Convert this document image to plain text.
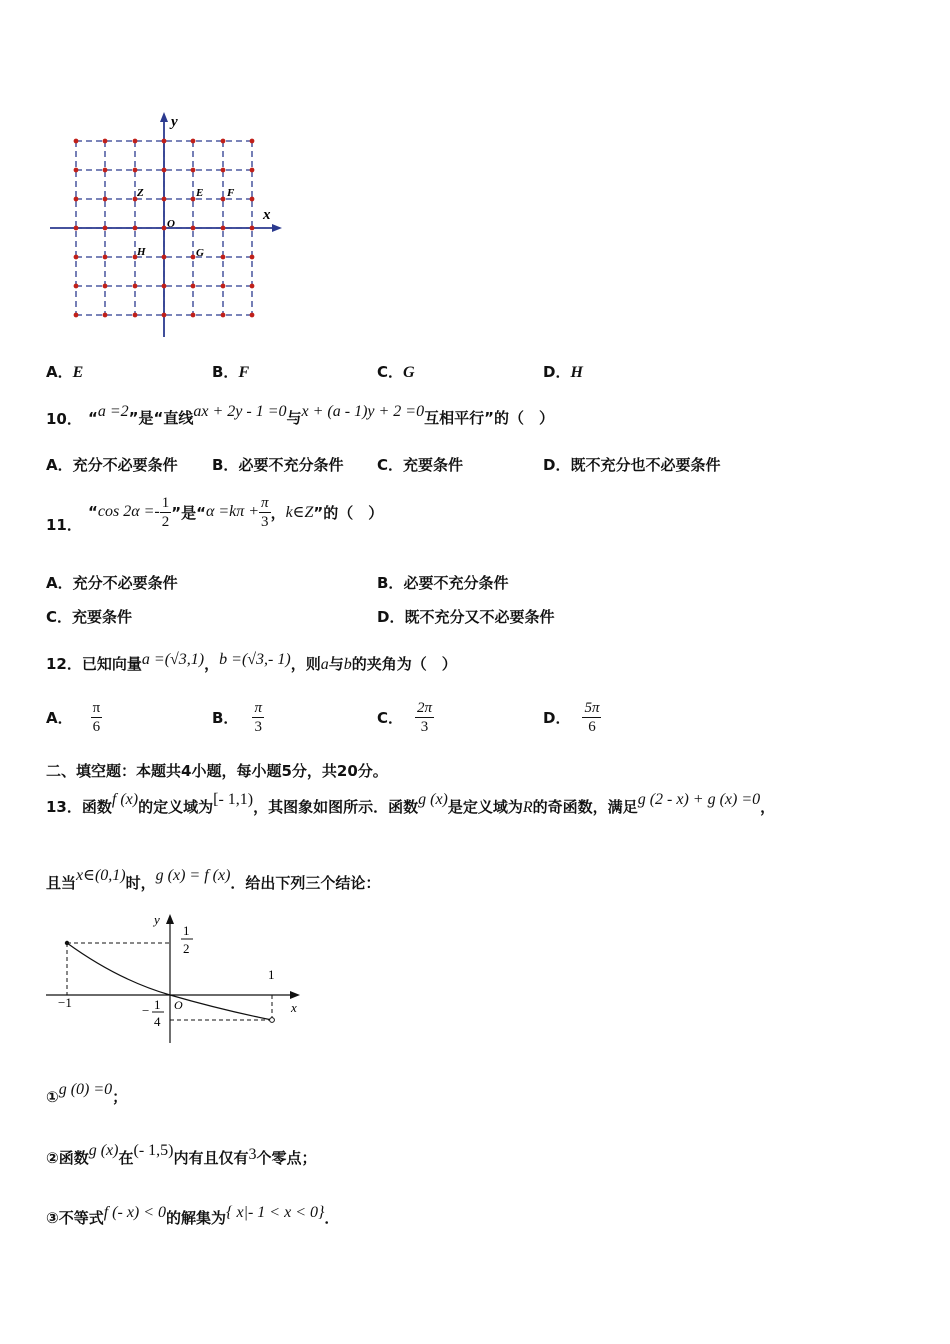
y
x
O
Z	E F
H	G
A．E	B．F	C．G	D．H
10． “a =2”是“直线ax + 2y - 1 =0与x + (a - 1)y + 2 =0互相平行”的（　）
A．充分不必要条件 B．必要不充分条件 C．充要条件	D．既不充分也不必要条件
11．
“ $\cos 2\alpha =- \frac{1}{2}$ ”是“ $\alpha =k\pi + \frac{\pi}{3}$ ， k∈Z ”的（　）
A．充分不必要条件	B．必要不充分条件
C．充要条件	D．既不充分又不必要条件
12．已知向量a =(√3,1)，b =(√3,- 1)，则a与b的夹角为（　）
A． $\frac{\pi}{6}$	B． $\frac{\pi}{3}$	C． $\frac{2\pi}{3}$	D． $\frac{5\pi}{6}$
二、填空题：本题共4小题，每小题5分，共20分。
13．函数f (x)的定义域为[- 1,1)，其图象如图所示．函数g (x)是定义域为R的奇函数，满足g (2 - x) + g (x) =0，
且当x∈(0,1)时，g (x) = f (x)．给出下列三个结论：
y
x
O
1
2
−1
1
− 1
4
①g (0) =0；
②函数g (x)在(- 1,5)内有且仅有3个零点；
③不等式f (- x) < 0的解集为{ x|- 1 < x < 0}．
